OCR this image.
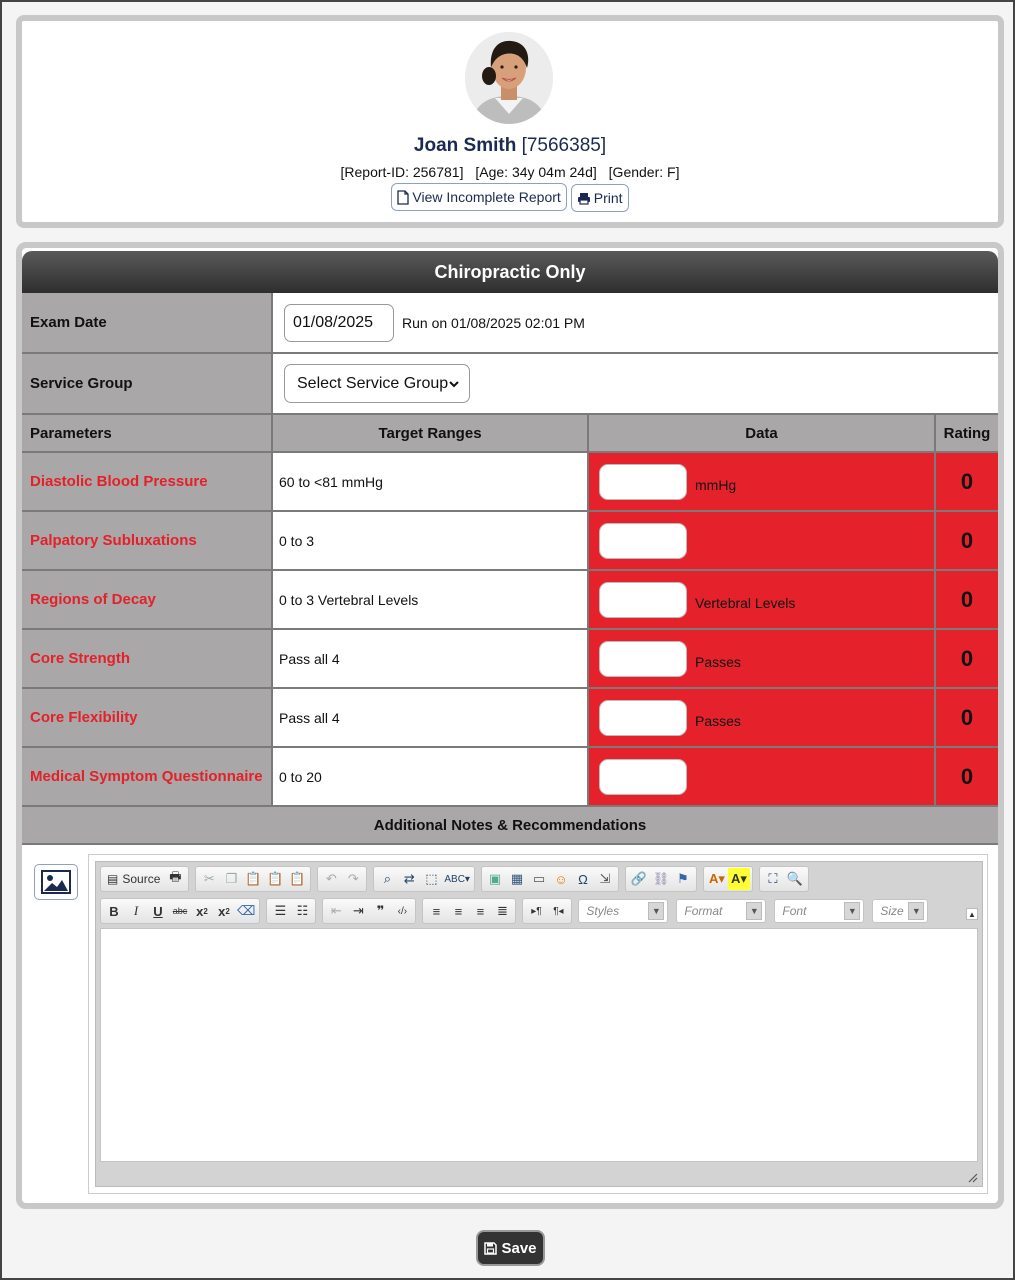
Joan Smith [7566385]
[Report-ID: 256781] [Age: 34y 04m 24d] [Gender: F]
View Incomplete Report
Print
Chiropractic Only
Exam Date
01/08/2025	Run on 01/08/2025 02:01 PM
Service Group	Select Service Group
Parameters	Target Ranges	Data	Rating
Diastolic Blood Pressure	60 to <81 mmHg	mmHg	0
Palpatory Subluxations	0 to 3	0
Regions of Decay	0 to 3 Vertebral Levels	Vertebral Levels	0
Core Strength	Pass all 4	Passes	0
Core Flexibility	Pass all 4	Passes	0
Medical Symptom Questionnaire	0 to 20	0
Additional Notes & Recommendations
▤ Source 🖶	✂ ❐ 📋 📋 📋	↶ ↷	⌕ ⇄ ⬚ ABC▾	▣ ▦ ▭ ☺ Ω ⇲	🔗 ⛓ ⚑	A▾ A▾	⛶ 🔍
B	I	U	abc x 2 x 2 ⌫	☰ ☷	⇤ ⇥ ❞	‹/›	≡	≡	≡ ≣	▸¶	¶◂	Styles	▼ Format	▼ Font	▼ Size ▼	▲
Save
